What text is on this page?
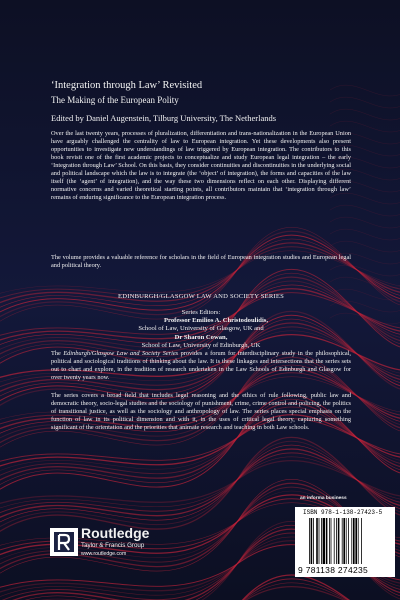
‘Integration through Law’ Revisited
The Making of the European Polity
Edited by Daniel Augenstein, Tilburg University, The Netherlands
Over the last twenty years, processes of pluralization, differentiation and trans-nationalization in the European Union have arguably challenged the centrality of law to European integration. Yet these developments also present opportunities to investigate new understandings of law triggered by European integration. The contributors to this book revisit one of the first academic projects to conceptualize and study European legal integration – the early ‘Integration through Law’ School. On this basis, they consider continuities and discontinuities in the underlying social and political landscape which the law is to integrate (the ‘object’ of integration), the forms and capacities of the law itself (the ‘agent’ of integration), and the way these two dimensions reflect on each other. Displaying different normative concerns and varied theoretical starting points, all contributors maintain that ‘integration through law’ remains of enduring significance to the European integration process.
The volume provides a valuable reference for scholars in the field of European integration studies and European legal and political theory.
EDINBURGH/GLASGOW LAW AND SOCIETY SERIES
Series Editors:
Professor Emilios A. Christodoulidis,
School of Law, University of Glasgow, UK and
Dr Sharon Cowan,
School of Law, University of Edinburgh, UK
The Edinburgh/Glasgow Law and Society Series provides a forum for interdisciplinary study in the philosophical, political and sociological traditions of thinking about the law. It is these linkages and intersections that the series sets out to chart and explore, in the tradition of research undertaken in the Law Schools of Edinburgh and Glasgow for over twenty years now.
The series covers a broad field that includes legal reasoning and the ethics of rule following, public law and democratic theory, socio-legal studies and the sociology of punishment, crime, crime control and policing, the politics of transitional justice, as well as the sociology and anthropology of law. The series places special emphasis on the function of law in its political dimension and with it, in the uses of critical legal theory, capturing something significant of the orientation and the priorities that animate research and teaching in both Law schools.
an informa business
ISBN 978-1-138-27423-5
9 781138 274235
Routledge
Taylor & Francis Group
www.routledge.com
